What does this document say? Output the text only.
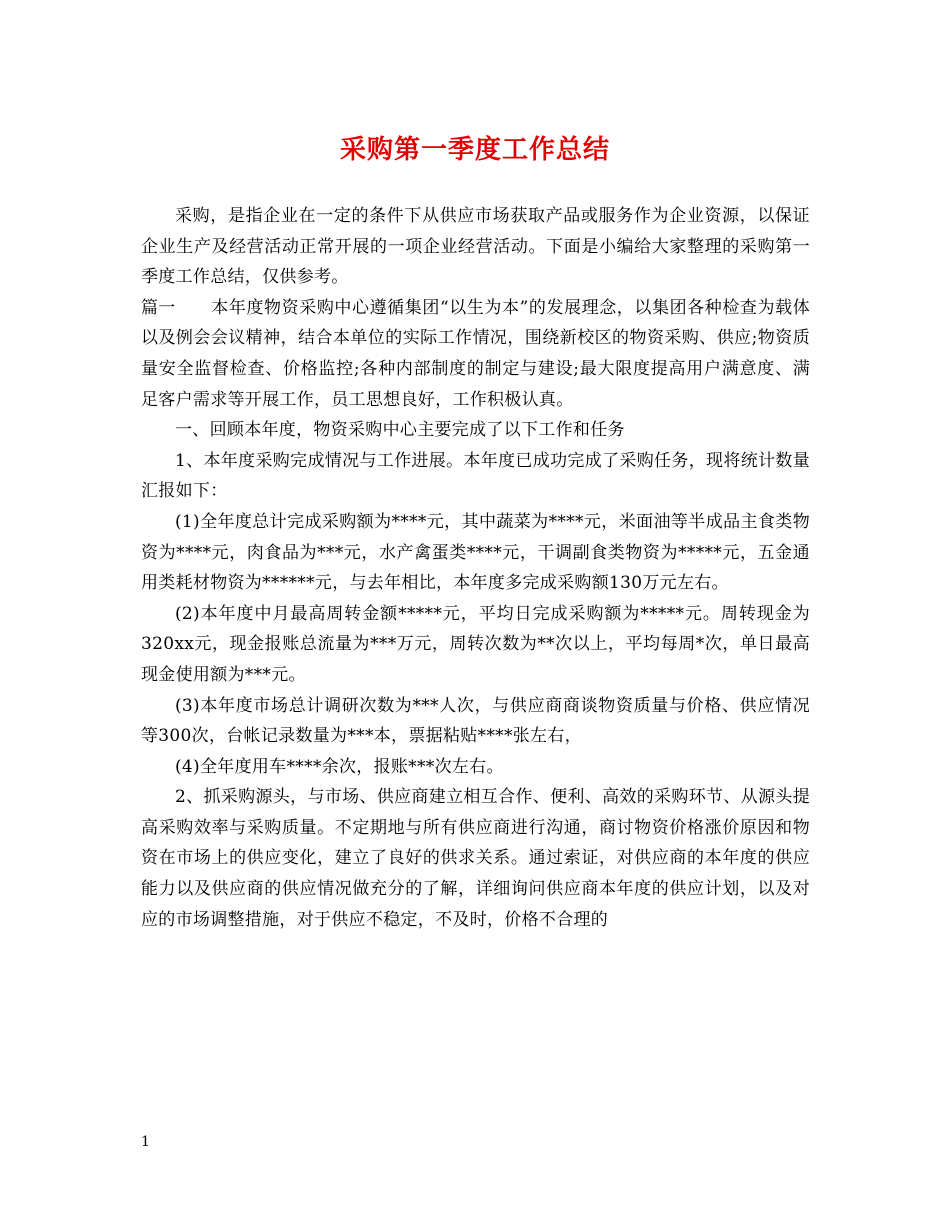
采购第一季度工作总结

采购，是指企业在一定的条件下从供应市场获取产品或服务作为企业资源，以保证企业生产及经营活动正常开展的一项企业经营活动。下面是小编给大家整理的采购第一季度工作总结，仅供参考。

篇一 本年度物资采购中心遵循集团“以生为本”的发展理念，以集团各种检查为载体以及例会会议精神，结合本单位的实际工作情况，围绕新校区的物资采购、供应;物资质量安全监督检查、价格监控;各种内部制度的制定与建设;最大限度提高用户满意度、满足客户需求等开展工作，员工思想良好，工作积极认真。

一、回顾本年度，物资采购中心主要完成了以下工作和任务

1、本年度采购完成情况与工作进展。本年度已成功完成了采购任务，现将统计数量汇报如下：

(1)全年度总计完成采购额为****元，其中蔬菜为****元，米面油等半成品主食类物资为****元，肉食品为***元，水产禽蛋类****元，干调副食类物资为*****元，五金通用类耗材物资为******元，与去年相比，本年度多完成采购额130万元左右。

(2)本年度中月最高周转金额*****元，平均日完成采购额为*****元。周转现金为320xx元，现金报账总流量为***万元，周转次数为**次以上，平均每周*次，单日最高现金使用额为***元。

(3)本年度市场总计调研次数为***人次，与供应商商谈物资质量与价格、供应情况等300次，台帐记录数量为***本，票据粘贴****张左右，

(4)全年度用车****余次，报账***次左右。

2、抓采购源头，与市场、供应商建立相互合作、便利、高效的采购环节、从源头提高采购效率与采购质量。不定期地与所有供应商进行沟通，商讨物资价格涨价原因和物资在市场上的供应变化，建立了良好的供求关系。通过索证，对供应商的本年度的供应能力以及供应商的供应情况做充分的了解，详细询问供应商本年度的供应计划，以及对应的市场调整措施，对于供应不稳定，不及时，价格不合理的

1
